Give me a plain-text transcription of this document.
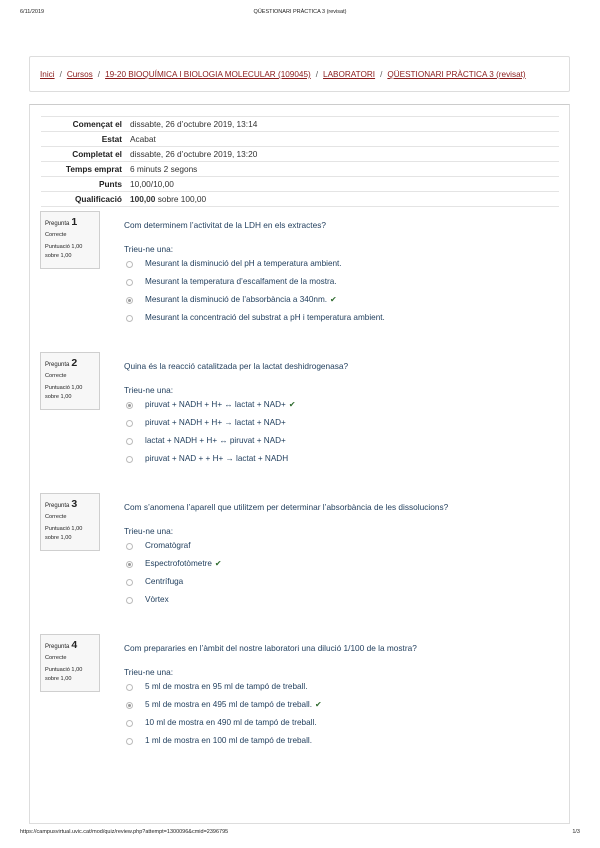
6/11/2019	QÜESTIONARI PRÀCTICA 3 (revisat)
Inici / Cursos / 19-20 BIOQUÍMICA I BIOLOGIA MOLECULAR (109045) / LABORATORI / QÜESTIONARI PRÀCTICA 3 (revisat)
Començat el	dissabte, 26 d’octubre 2019, 13:14
Estat	Acabat
Completat el	dissabte, 26 d’octubre 2019, 13:20
Temps emprat	6 minuts 2 segons
Punts	10,00/10,00
Qualificació	100,00 sobre 100,00
Pregunta 1
Correcte
Puntuació 1,00
sobre 1,00
Com determinem l’activitat de la LDH en els extractes?
Trieu-ne una:
Mesurant la disminució del pH a temperatura ambient.
Mesurant la temperatura d’escalfament de la mostra.
Mesurant la disminució de l’absorbància a 340nm. ✔
Mesurant la concentració del substrat a pH i temperatura ambient.
Pregunta 2
Correcte
Puntuació 1,00
sobre 1,00
Quina és la reacció catalitzada per la lactat deshidrogenasa?
Trieu-ne una:
piruvat + NADH + H+ ↔ lactat + NAD+ ✔
piruvat + NADH + H+ → lactat + NAD+
lactat + NADH + H+ ↔ piruvat + NAD+
piruvat + NAD + + H+ → lactat + NADH
Pregunta 3
Correcte
Puntuació 1,00
sobre 1,00
Com s’anomena l’aparell que utilitzem per determinar l’absorbància de les dissolucions?
Trieu-ne una:
Cromatògraf
Espectrofotòmetre ✔
Centrífuga
Vòrtex
Pregunta 4
Correcte
Puntuació 1,00
sobre 1,00
Com prepararies en l’àmbit del nostre laboratori una dilució 1/100 de la mostra?
Trieu-ne una:
5 ml de mostra en 95 ml de tampó de treball.
5 ml de mostra en 495 ml de tampó de treball. ✔
10 ml de mostra en 490 ml de tampó de treball.
1 ml de mostra en 100 ml de tampó de treball.
https://campusvirtual.uvic.cat/mod/quiz/review.php?attempt=1300096&cmid=2396795	1/3
